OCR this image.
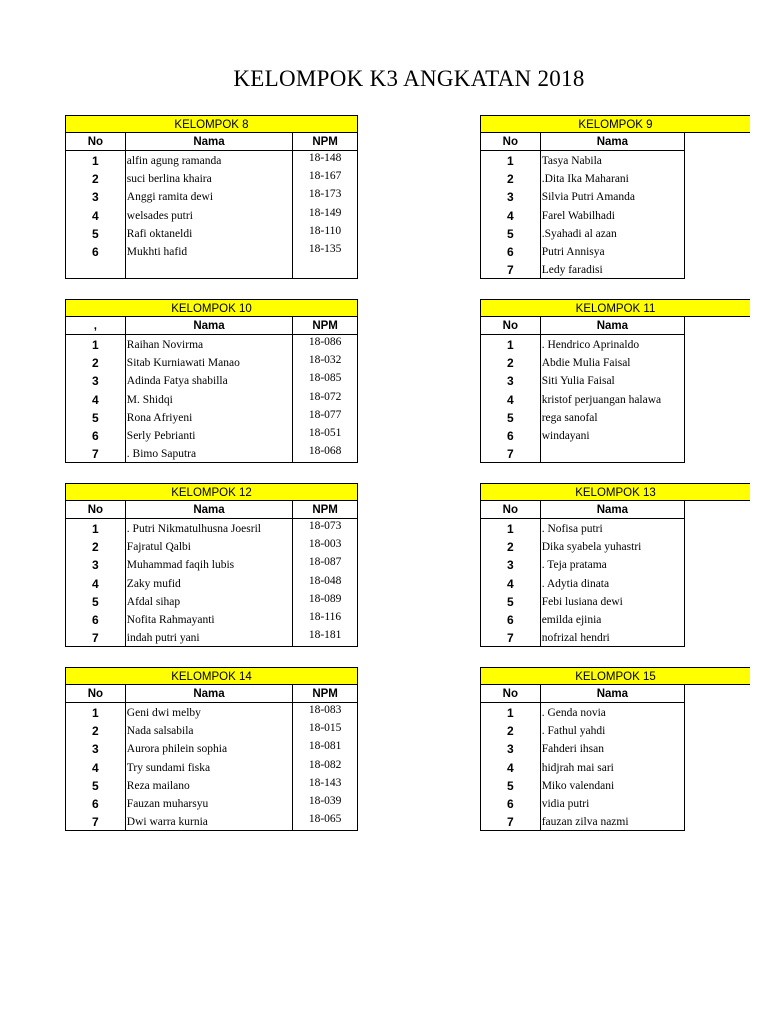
KELOMPOK K3 ANGKATAN 2018
KELOMPOK 8
No	Nama	NPM
1	alfin agung ramanda	18-148
2	suci berlina khaira	18-167
3	Anggi ramita dewi	18-173
4	welsades putri	18-149
5	Rafi oktaneldi	18-110
6	Mukhti hafid	18-135
KELOMPOK 9
No	Nama
1	Tasya Nabila
2	.Dita Ika Maharani
3	Silvia Putri Amanda
4	Farel Wabilhadi
5	.Syahadi al azan
6	Putri Annisya
7	Ledy faradisi
KELOMPOK 10
,	Nama	NPM
1	Raihan Novirma	18-086
2	Sitab Kurniawati Manao	18-032
3	Adinda Fatya shabilla	18-085
4	M. Shidqi	18-072
5	Rona Afriyeni	18-077
6	Serly Pebrianti	18-051
7	. Bimo Saputra	18-068
KELOMPOK 11
No	Nama
1	. Hendrico Aprinaldo
2	Abdie Mulia Faisal
3	Siti Yulia Faisal
4	kristof perjuangan halawa
5	rega sanofal
6	windayani
7
KELOMPOK 12
No	Nama	NPM
1	. Putri Nikmatulhusna Joesril	18-073
2	Fajratul Qalbi	18-003
3	Muhammad faqih lubis	18-087
4	Zaky mufid	18-048
5	Afdal sihap	18-089
6	Nofita Rahmayanti	18-116
7	indah putri yani	18-181
KELOMPOK 13
No	Nama
1	. Nofisa putri
2	Dika syabela yuhastri
3	. Teja pratama
4	. Adytia dinata
5	Febi lusiana dewi
6	emilda ejinia
7	nofrizal hendri
KELOMPOK 14
No	Nama	NPM
1	Geni dwi melby	18-083
2	Nada salsabila	18-015
3	Aurora philein sophia	18-081
4	Try sundami fiska	18-082
5	Reza mailano	18-143
6	Fauzan muharsyu	18-039
7	Dwi warra kurnia	18-065
KELOMPOK 15
No	Nama
1	. Genda novia
2	. Fathul yahdi
3	Fahderi ihsan
4	hidjrah mai sari
5	Miko valendani
6	vidia putri
7	fauzan zilva nazmi
